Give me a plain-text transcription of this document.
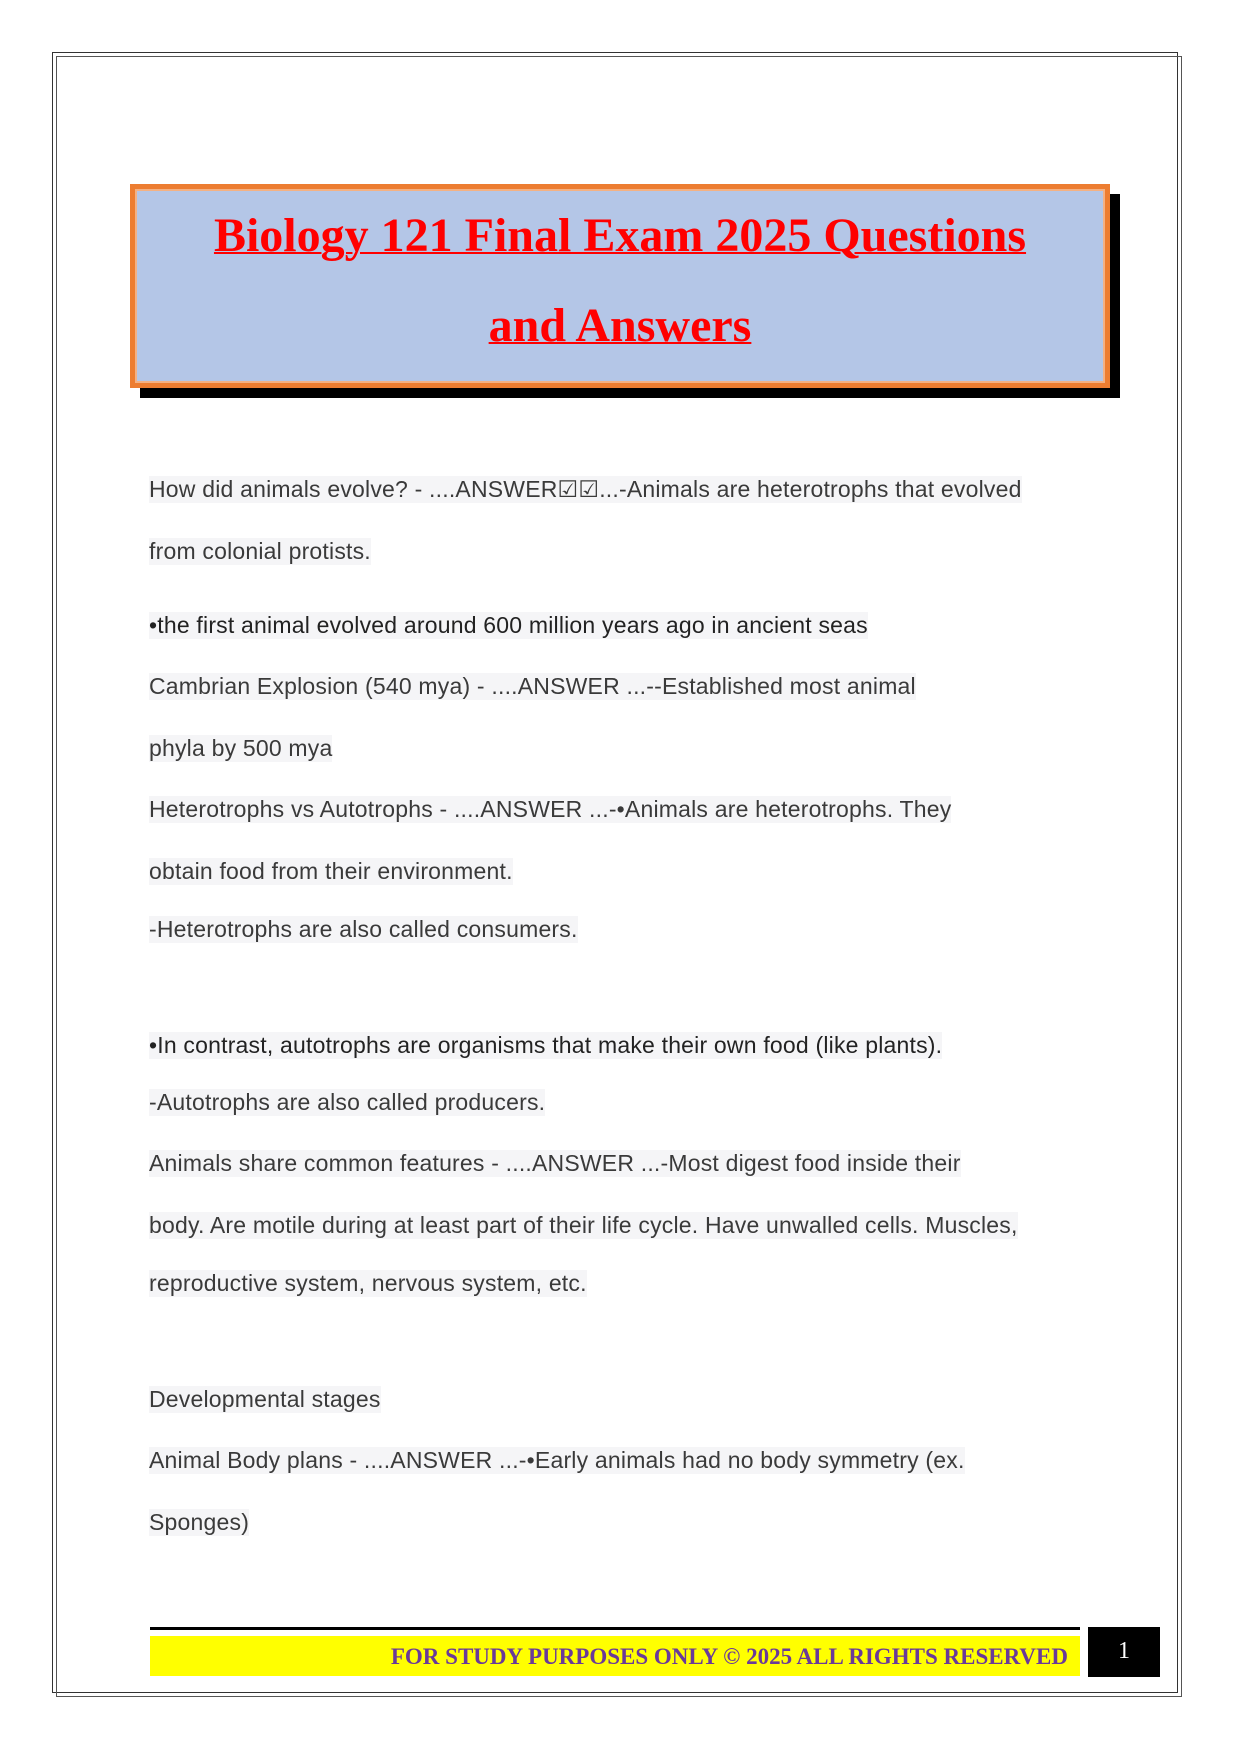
Biology 121 Final Exam 2025 Questions
and Answers
How did animals evolve? - ....ANSWER☑☑...-Animals are heterotrophs that evolved
from colonial protists.
•the first animal evolved around 600 million years ago in ancient seas
Cambrian Explosion (540 mya) - ....ANSWER ...--Established most animal
phyla by 500 mya
Heterotrophs vs Autotrophs - ....ANSWER ...-•Animals are heterotrophs. They
obtain food from their environment.
-Heterotrophs are also called consumers.
•In contrast, autotrophs are organisms that make their own food (like plants).
-Autotrophs are also called producers.
Animals share common features - ....ANSWER ...-Most digest food inside their
body. Are motile during at least part of their life cycle. Have unwalled cells. Muscles,
reproductive system, nervous system, etc.
Developmental stages
Animal Body plans - ....ANSWER ...-•Early animals had no body symmetry (ex.
Sponges)
FOR STUDY PURPOSES ONLY © 2025 ALL RIGHTS RESERVED	1
